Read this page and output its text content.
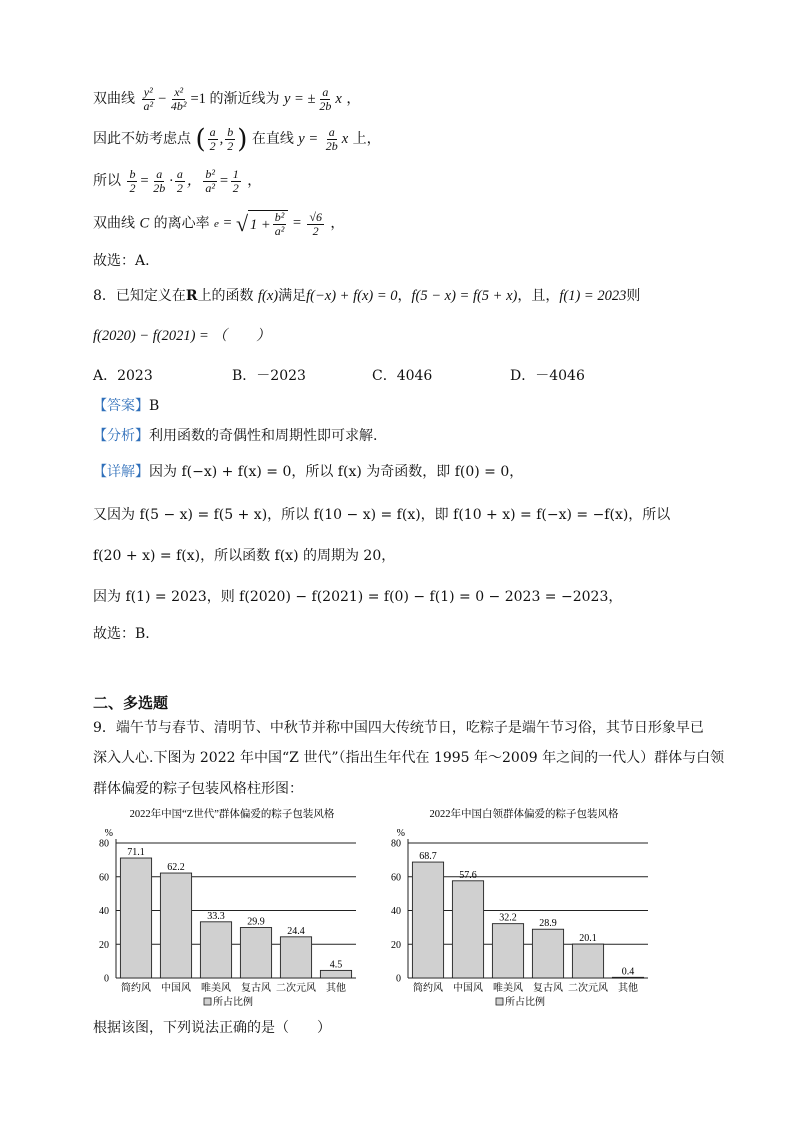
双曲线 $\frac{\text{y²}}{\text{a²}} - \frac{\text{x²}}{\text{4b²}} =1$ 的渐近线为 y = ± $\frac{a}{2b}$ x ，
因此不妨考虑点 ( $\frac{a}{2}$ , $\frac{b}{2}$ ) 在直线 $y = \frac{a}{2b}$ x 上，
所以 $\frac{b}{2} = \frac{a}{2b} \cdot \frac{a}{2}$ ， $\frac{\text{b²}}{\text{a²}} = \frac{1}{2}$ ，
双曲线 C 的离心率 e = √ $1 + \frac{\text{b²}}{\text{a²}} = \frac{√6}{2}$ ，
故选：A.
8．已知定义在R上的函数 f(x)满足f(−x) + f(x) = 0，f(5 − x) = f(5 + x)，且，f(1) = 2023则
f(2020) − f(2021) = （　　）
A．2023	B．－2023	C．4046	D．－4046
【答案】B
【分析】利用函数的奇偶性和周期性即可求解.
【详解】因为 f(−x) + f(x) = 0，所以 f(x) 为奇函数，即 f(0) = 0，
又因为 f(5 − x) = f(5 + x)，所以 f(10 − x) = f(x)，即 f(10 + x) = f(−x) = −f(x)，所以
f(20 + x) = f(x)，所以函数 f(x) 的周期为 20，
因为 f(1) = 2023，则 f(2020) − f(2021) = f(0) − f(1) = 0 − 2023 = −2023，
故选：B.
二、多选题
9．端午节与春节、清明节、中秋节并称中国四大传统节日，吃粽子是端午节习俗，其节日形象早已
深入人心.下图为 2022 年中国“Z 世代”（指出生年代在 1995 年～2009 年之间的一代人）群体与白领
群体偏爱的粽子包装风格柱形图：
2022年中国“Z世代”群体偏爱的粽子包装风格
%
0
20
40
60
80
71.1
简约风
62.2
中国风
33.3
唯美风
29.9
复古风
24.4
二次元风
4.5
其他
所占比例
2022年中国白领群体偏爱的粽子包装风格
%
0
20
40
60
80
68.7
简约风
57.6
中国风
32.2
唯美风
28.9
复古风
20.1
二次元风
0.4
其他
所占比例
根据该图，下列说法正确的是（　　）
